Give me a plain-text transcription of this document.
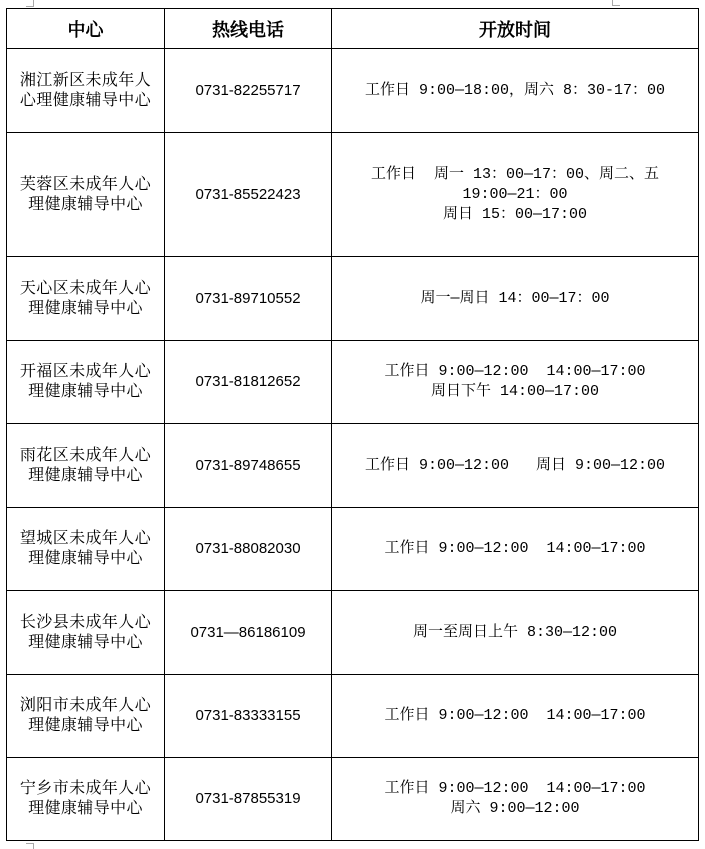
中心	热线电话	开放时间
湘江新区未成年人心理健康辅导中心	0731-82255717	工作日 9:00—18:00，周六 8：30-17：00

芙蓉区未成年人心理健康辅导中心	0731-85522423	工作日  周一 13：00—17：00、周二、五
19:00—21：00
周日 15：00—17:00

天心区未成年人心理健康辅导中心	0731-89710552	周一—周日 14：00—17：00

开福区未成年人心理健康辅导中心	0731-81812652	工作日 9:00—12:00  14:00—17:00
周日下午 14:00—17:00

雨花区未成年人心理健康辅导中心	0731-89748655	工作日 9:00—12:00   周日 9:00—12:00

望城区未成年人心理健康辅导中心	0731-88082030	工作日 9:00—12:00  14:00—17:00

长沙县未成年人心理健康辅导中心	0731—86186109	周一至周日上午 8:30—12:00

浏阳市未成年人心理健康辅导中心	0731-83333155	工作日 9:00—12:00  14:00—17:00

宁乡市未成年人心理健康辅导中心	0731-87855319	工作日 9:00—12:00  14:00—17:00
周六 9:00—12:00
